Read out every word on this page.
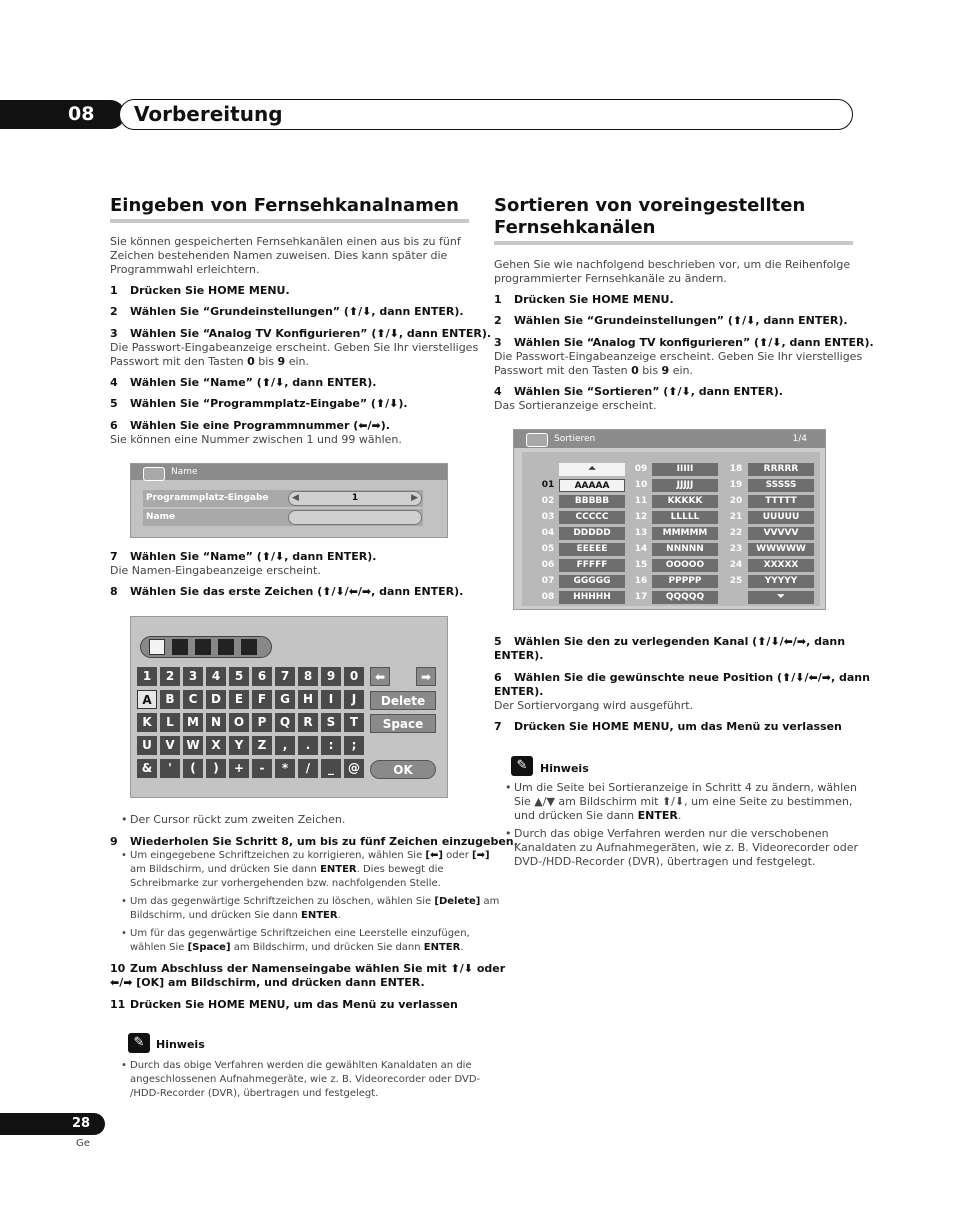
08 Vorbereitung
Eingeben von Fernsehkanalnamen
Sie können gespeicherten Fernsehkanälen einen aus bis zu fünf
Zeichen bestehenden Namen zuweisen. Dies kann später die
Programmwahl erleichtern.
1 Drücken Sie HOME MENU.
2 Wählen Sie “Grundeinstellungen” (⬆/⬇, dann ENTER).
3 Wählen Sie “Analog TV Konfigurieren” (⬆/⬇, dann ENTER).
Die Passwort-Eingabeanzeige erscheint. Geben Sie Ihr vierstelliges
Passwort mit den Tasten 0 bis 9 ein.
4 Wählen Sie “Name” (⬆/⬇, dann ENTER).
5 Wählen Sie “Programmplatz-Eingabe” (⬆/⬇).
6 Wählen Sie eine Programmnummer (⬅/➡).
Sie können eine Nummer zwischen 1 und 99 wählen.
Name
Programmplatz-Eingabe	◀	1	▶
Name
7 Wählen Sie “Name” (⬆/⬇, dann ENTER).
Die Namen-Eingabeanzeige erscheint.
8 Wählen Sie das erste Zeichen (⬆/⬇/⬅/➡, dann ENTER).
1	2	3	4	5	6	7	8	9	0
A	B	C	D	E	F	G	H	I	J
K	L	M	N	O	P	Q	R	S	T
U	V W X	Y	Z	,	.	:	;
&	'	(	)	+	-	*	/	_	@
⬅	➡
Delete
Space
OK
• Der Cursor rückt zum zweiten Zeichen.
9 Wiederholen Sie Schritt 8, um bis zu fünf Zeichen einzugeben.
• Um eingegebene Schriftzeichen zu korrigieren, wählen Sie [⬅] oder [➡]
am Bildschirm, und drücken Sie dann ENTER. Dies bewegt die
Schreibmarke zur vorhergehenden bzw. nachfolgenden Stelle.
• Um das gegenwärtige Schriftzeichen zu löschen, wählen Sie [Delete] am
Bildschirm, und drücken Sie dann ENTER.
• Um für das gegenwärtige Schriftzeichen eine Leerstelle einzufügen,
wählen Sie [Space] am Bildschirm, und drücken Sie dann ENTER.
10 Zum Abschluss der Namenseingabe wählen Sie mit ⬆/⬇ oder
⬅/➡ [OK] am Bildschirm, und drücken dann ENTER.
11 Drücken Sie HOME MENU, um das Menü zu verlassen
✎	Hinweis
• Durch das obige Verfahren werden die gewählten Kanaldaten an die
angeschlossenen Aufnahmegeräte, wie z. B. Videorecorder oder DVD-
/HDD-Recorder (DVR), übertragen und festgelegt.
Sortieren von voreingestellten
Fernsehkanälen
Gehen Sie wie nachfolgend beschrieben vor, um die Reihenfolge
programmierter Fernsehkanäle zu ändern.
1 Drücken Sie HOME MENU.
2 Wählen Sie “Grundeinstellungen” (⬆/⬇, dann ENTER).
3 Wählen Sie “Analog TV konfigurieren” (⬆/⬇, dann ENTER).
Die Passwort-Eingabeanzeige erscheint. Geben Sie Ihr vierstelliges
Passwort mit den Tasten 0 bis 9 ein.
4 Wählen Sie “Sortieren” (⬆/⬇, dann ENTER).
Das Sortieranzeige erscheint.
Sortieren	1/4
⏶
01	AAAAA
02	BBBBB
03	CCCCC
04	DDDDD
05	EEEEE
06	FFFFF
07	GGGGG
08	HHHHH
09	IIIII
10	JJJJJ
11	KKKKK
12	LLLLL
13	MMMMM
14	NNNNN
15	OOOOO
16	PPPPP
17	QQQQQ
18	RRRRR
19	SSSSS
20	TTTTT
21	UUUUU
22	VVVVV
23	WWWWW
24	XXXXX
25	YYYYY
⏷
5 Wählen Sie den zu verlegenden Kanal (⬆/⬇/⬅/➡, dann
ENTER).
6 Wählen Sie die gewünschte neue Position (⬆/⬇/⬅/➡, dann
ENTER).
Der Sortiervorgang wird ausgeführt.
7 Drücken Sie HOME MENU, um das Menü zu verlassen
✎	Hinweis
• Um die Seite bei Sortieranzeige in Schritt 4 zu ändern, wählen
Sie ▲/▼ am Bildschirm mit ⬆/⬇, um eine Seite zu bestimmen,
und drücken Sie dann ENTER.
• Durch das obige Verfahren werden nur die verschobenen
Kanaldaten zu Aufnahmegeräten, wie z. B. Videorecorder oder
DVD-/HDD-Recorder (DVR), übertragen und festgelegt.
28
Ge
